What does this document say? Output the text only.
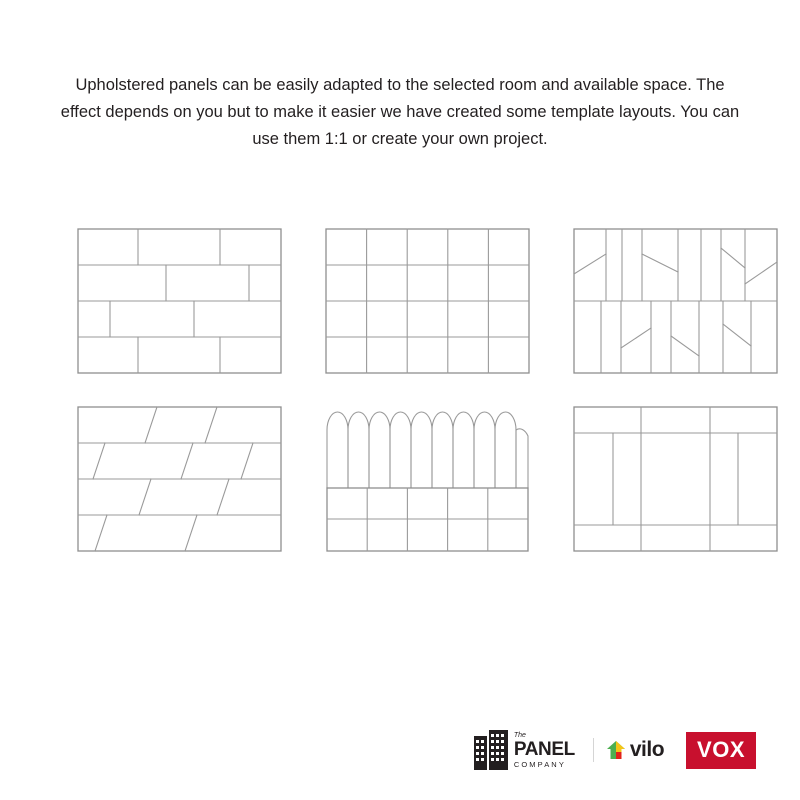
Upholstered panels can be easily adapted to the selected room and available space. The effect depends on you but to make it easier we have created some template layouts. You can use them 1:1 or create your own project.
The
PANEL
COMPANY
vilo	VOX
